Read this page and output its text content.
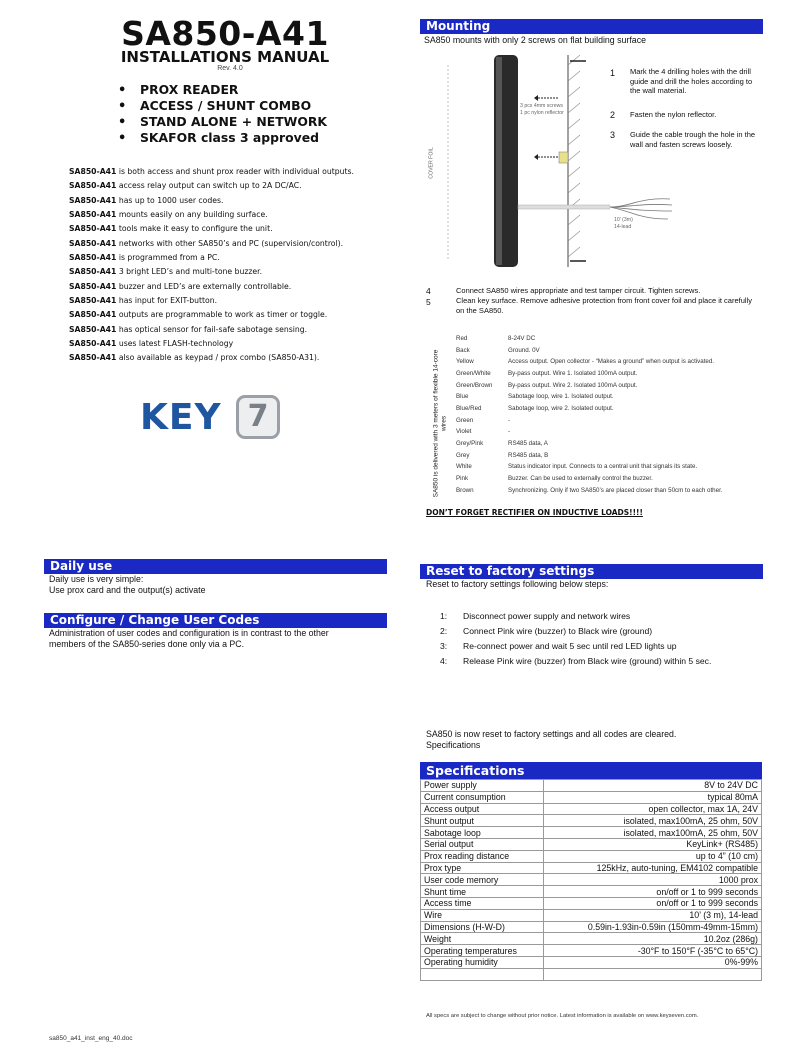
SA850-A41
INSTALLATIONS MANUAL
Rev. 4.0
• PROX READER
• ACCESS / SHUNT COMBO
• STAND ALONE + NETWORK
• SKAFOR class 3 approved
SA850-A41 is both access and shunt prox reader with individual outputs.
SA850-A41 access relay output can switch up to 2A DC/AC.
SA850-A41 has up to 1000 user codes.
SA850-A41 mounts easily on any building surface.
SA850-A41 tools make it easy to configure the unit.
SA850-A41 networks with other SA850’s and PC (supervision/control).
SA850-A41 is programmed from a PC.
SA850-A41 3 bright LED’s and multi-tone buzzer.
SA850-A41 buzzer and LED’s are externally controllable.
SA850-A41 has input for EXIT-button.
SA850-A41 outputs are programmable to work as timer or toggle.
SA850-A41 has optical sensor for fail-safe sabotage sensing.
SA850-A41 uses latest FLASH-technology
SA850-A41 also available as keypad / prox combo (SA850-A31).
KEY 7
Daily use
Daily use is very simple:
Use prox card and the output(s) activate
Configure / Change User Codes
Administration of user codes and configuration is in contrast to the other members of the SA850-series done only via a PC.
Mounting
SA850 mounts with only 2 screws on flat building surface
3 pcs 4mm screws
1 pc nylon reflector
COVER FOIL
10’ (3m)
14-lead
1 Mark the 4 drilling holes with the drill guide and drill the holes according to the wall material.
2 Fasten the nylon reflector.
3 Guide the cable trough the hole in the wall and fasten screws loosely.
4	Connect SA850 wires appropriate and test tamper circuit. Tighten screws.
5	Clean key surface. Remove adhesive protection from front cover foil and place it carefully on the SA850.
SA850 is delivered with 3 meters of flexible 14-core wires
Red	8-24V DC
Back	Ground. 0V
Yellow	Access output. Open collector - “Makes a ground” when output is activated.
Green/White	By-pass output. Wire 1. Isolated 100mA output.
Green/Brown	By-pass output. Wire 2. Isolated 100mA output.
Blue	Sabotage loop, wire 1. Isolated output.
Blue/Red	Sabotage loop, wire 2. Isolated output.
Green	-
Violet	-
Grey/Pink	RS485 data, A
Grey	RS485 data, B
White	Status indicator input. Connects to a central unit that signals its state.
Pink	Buzzer. Can be used to externally control the buzzer.
Brown	Synchronizing. Only if two SA850’s are placed closer than 50cm to each other.
DON’T FORGET RECTIFIER ON INDUCTIVE LOADS!!!!
Reset to factory settings
Reset to factory settings following below steps:
1: Disconnect power supply and network wires
2: Connect Pink wire (buzzer) to Black wire (ground)
3: Re-connect power and wait 5 sec until red LED lights up
4: Release Pink wire (buzzer) from Black wire (ground) within 5 sec.
SA850 is now reset to factory settings and all codes are cleared.
Specifications
Specifications
Power supply	8V to 24V DC
Current consumption	typical 80mA
Access output	open collector, max 1A, 24V
Shunt output	isolated, max100mA, 25 ohm, 50V
Sabotage loop	isolated, max100mA, 25 ohm, 50V
Serial output	KeyLink+ (RS485)
Prox reading distance	up to 4” (10 cm)
Prox type	125kHz, auto-tuning, EM4102 compatible
User code memory	1000 prox
Shunt time	on/off or 1 to 999 seconds
Access time	on/off or 1 to 999 seconds
Wire	10’ (3 m), 14-lead
Dimensions (H-W-D)	0.59in-1.93in-0.59in (150mm-49mm-15mm)
Weight	10.2oz (286g)
Operating temperatures	-30°F to 150°F (-35°C to 65°C)
Operating humidity	0%-99%

All specs are subject to change without prior notice. Latest information is available on www.keyseven.com.
sa850_a41_inst_eng_40.doc
